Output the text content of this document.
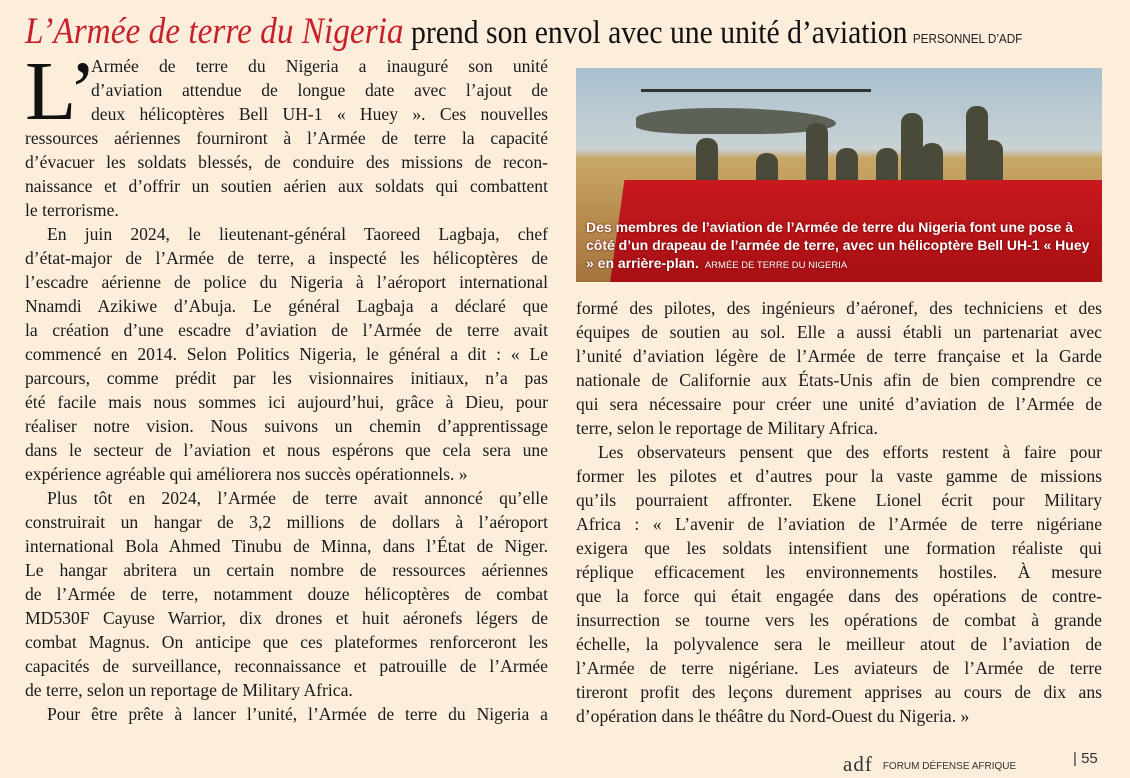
L’Armée de terre du Nigeria prend son envol avec une unité d’aviation PERSONNEL D’ADF
L’
Armée de terre du Nigeria a inauguré son unité
d’aviation attendue de longue date avec l’ajout de
deux hélicoptères Bell UH-1 « Huey ». Ces nouvelles
ressources aériennes fourniront à l’Armée de terre la capacité
d’évacuer les soldats blessés, de conduire des missions de recon-
naissance et d’offrir un soutien aérien aux soldats qui combattent
le terrorisme.
En juin 2024, le lieutenant-général Taoreed Lagbaja, chef
d’état-major de l’Armée de terre, a inspecté les hélicoptères de
l’escadre aérienne de police du Nigeria à l’aéroport international
Nnamdi Azikiwe d’Abuja. Le général Lagbaja a déclaré que
la création d’une escadre d’aviation de l’Armée de terre avait
commencé en 2014. Selon Politics Nigeria, le général a dit : « Le
parcours, comme prédit par les visionnaires initiaux, n’a pas
été facile mais nous sommes ici aujourd’hui, grâce à Dieu, pour
réaliser notre vision. Nous suivons un chemin d’apprentissage
dans le secteur de l’aviation et nous espérons que cela sera une
expérience agréable qui améliorera nos succès opérationnels. »
Plus tôt en 2024, l’Armée de terre avait annoncé qu’elle
construirait un hangar de 3,2 millions de dollars à l’aéroport
international Bola Ahmed Tinubu de Minna, dans l’État de Niger.
Le hangar abritera un certain nombre de ressources aériennes
de l’Armée de terre, notamment douze hélicoptères de combat
MD530F Cayuse Warrior, dix drones et huit aéronefs légers de
combat Magnus. On anticipe que ces plateformes renforceront les
capacités de surveillance, reconnaissance et patrouille de l’Armée
de terre, selon un reportage de Military Africa.
Pour être prête à lancer l’unité, l’Armée de terre du Nigeria a
formé des pilotes, des ingénieurs d’aéronef, des techniciens et des
équipes de soutien au sol. Elle a aussi établi un partenariat avec
l’unité d’aviation légère de l’Armée de terre française et la Garde
nationale de Californie aux États-Unis afin de bien comprendre ce
qui sera nécessaire pour créer une unité d’aviation de l’Armée de
terre, selon le reportage de Military Africa.
Les observateurs pensent que des efforts restent à faire pour
former les pilotes et d’autres pour la vaste gamme de missions
qu’ils pourraient affronter. Ekene Lionel écrit pour Military
Africa : « L’avenir de l’aviation de l’Armée de terre nigériane
exigera que les soldats intensifient une formation réaliste qui
réplique efficacement les environnements hostiles. À mesure
que la force qui était engagée dans des opérations de contre-
insurrection se tourne vers les opérations de combat à grande
échelle, la polyvalence sera le meilleur atout de l’aviation de
l’Armée de terre nigériane. Les aviateurs de l’Armée de terre
tireront profit des leçons durement apprises au cours de dix ans
d’opération dans le théâtre du Nord-Ouest du Nigeria. »
Des membres de l’aviation de l’Armée de terre du Nigeria font une pose à côté d’un drapeau de l’armée de terre, avec un hélicoptère Bell UH-1 « Huey » en arrière-plan. ARMÉE DE TERRE DU NIGERIA
adf FORUM DÉFENSE AFRIQUE	| 55
